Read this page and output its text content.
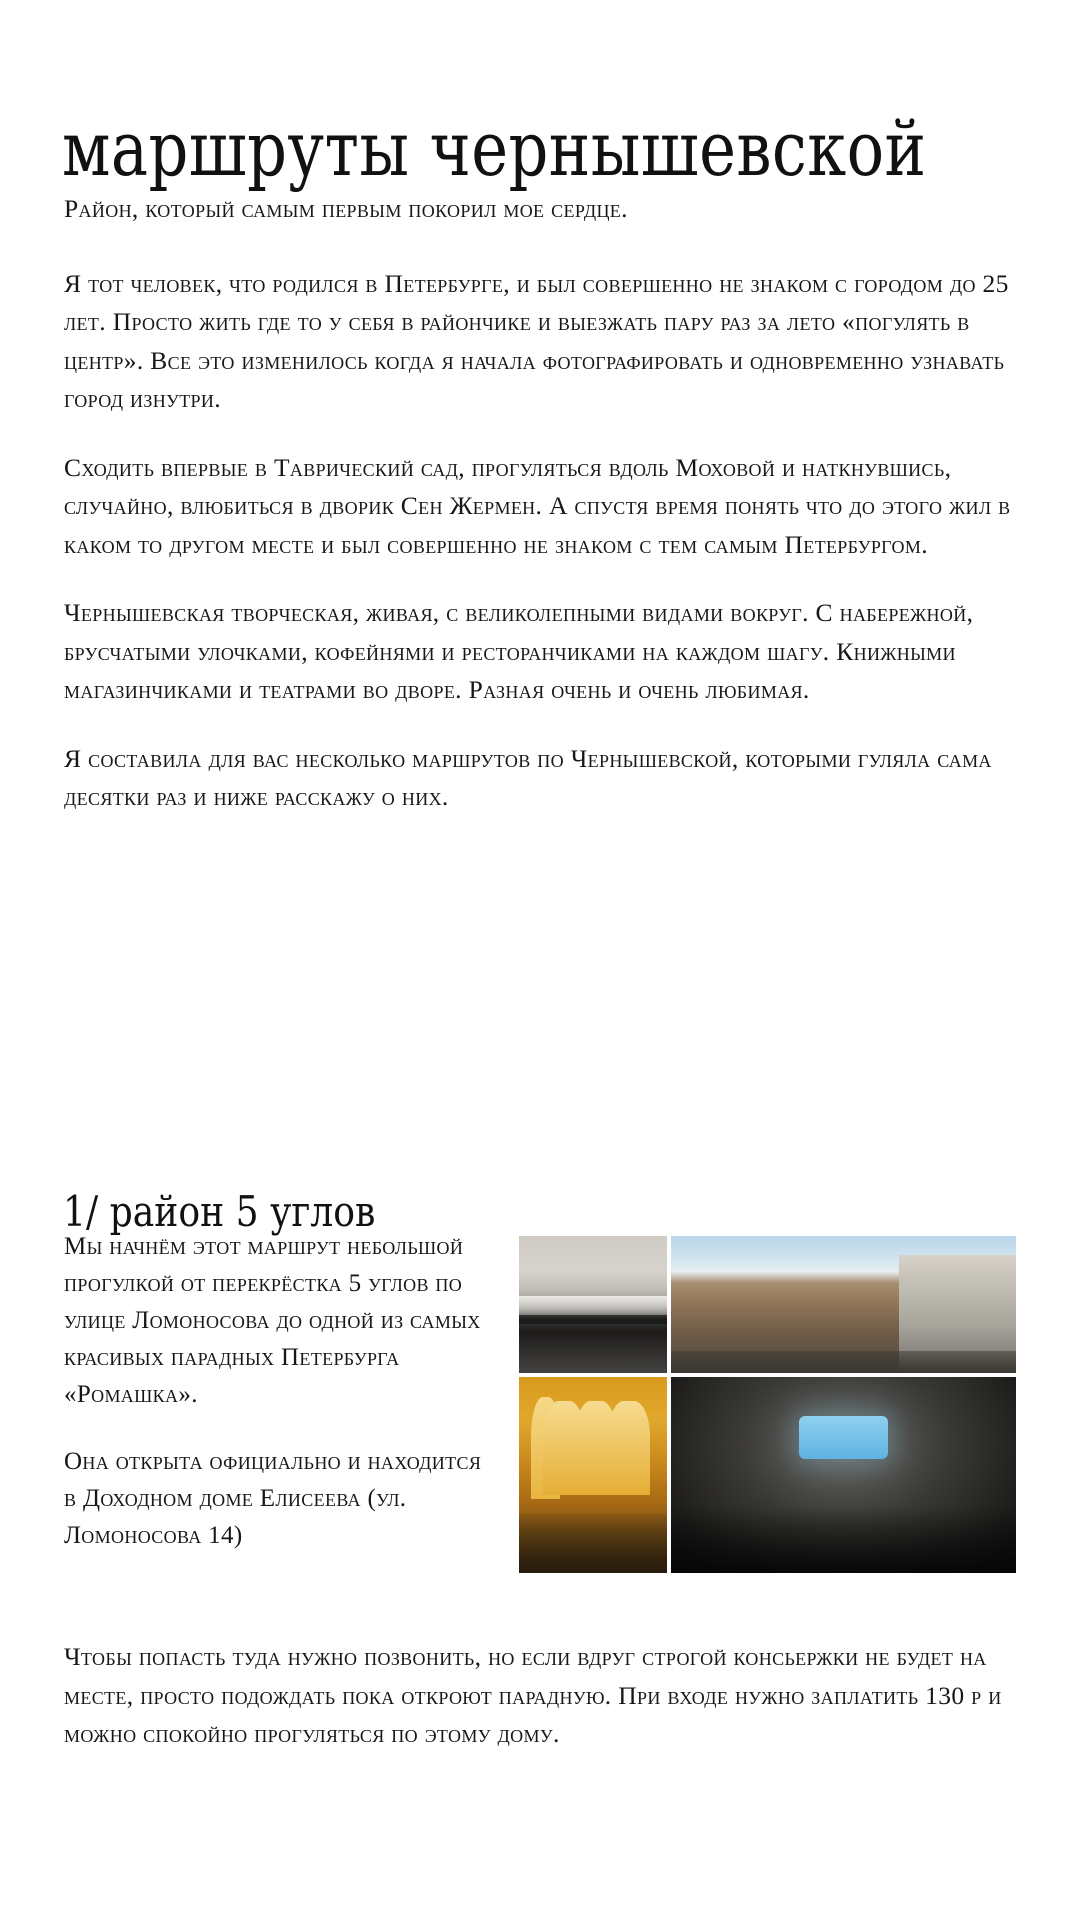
маршруты чернышевской

Район, который самым первым покорил мое сердце.

Я тот человек, что родился в Петербурге, и был совершенно не знаком с городом до 25 лет. Просто жить где то у себя в райончике и выезжать пару раз за лето «погулять в центр». Все это изменилось когда я начала фотографировать и одновременно узнавать город изнутри.

Сходить впервые в Таврический сад, прогуляться вдоль Моховой и наткнувшись, случайно, влюбиться в дворик Сен Жермен. А спустя время понять что до этого жил в каком то другом месте и был совершенно не знаком с тем самым Петербургом.

Чернышевская творческая, живая, с великолепными видами вокруг. С набережной, брусчатыми улочками, кофейнями и ресторанчиками на каждом шагу. Книжными магазинчиками и театрами во дворе. Разная очень и очень любимая.

Я составила для вас несколько маршрутов по Чернышевской, которыми гуляла сама десятки раз и ниже расскажу о них.

1/ район 5 углов

Мы начнём этот маршрут небольшой прогулкой от перекрёстка 5 углов по улице Ломоносова до одной из самых красивых парадных Петербурга «Ромашка».

Она открыта официально и находится в Доходном доме Елисеева (ул. Ломоносова 14)

Чтобы попасть туда нужно позвонить, но если вдруг строгой консьержки не будет на месте, просто подождать пока откроют парадную. При входе нужно заплатить 130 р и можно спокойно прогуляться по этому дому.
